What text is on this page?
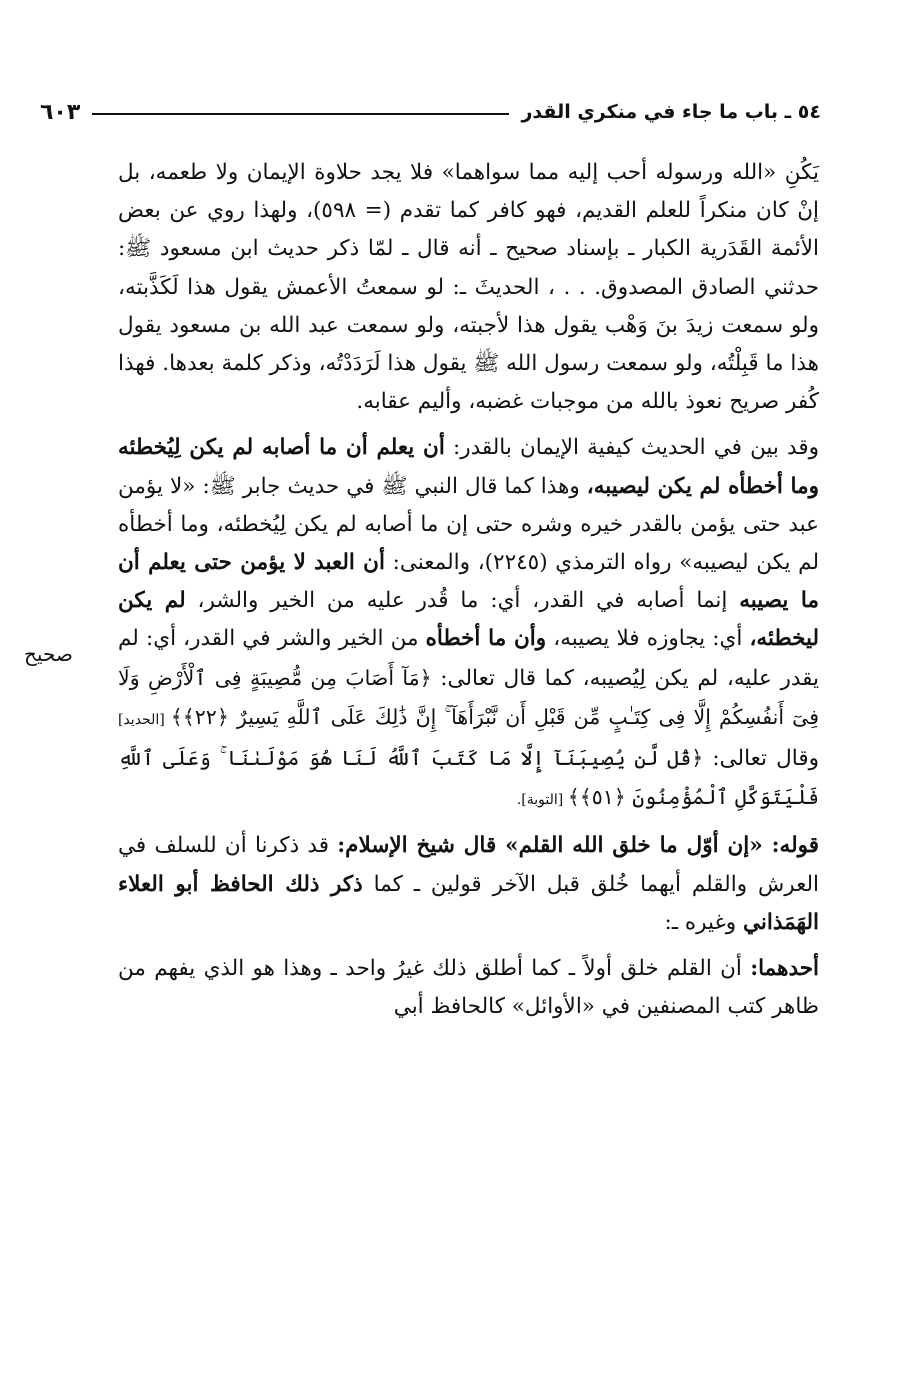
٥٤ ـ باب ما جاء في منكري القدر
٦٠٣
صحيح

يَكُنِ «الله ورسوله أحب إليه مما سواهما» فلا يجد حلاوة الإيمان ولا طعمه، بل إنْ كان منكراً للعلم القديم، فهو كافر كما تقدم (= ٥٩٨)، ولهذا روي عن بعض الأئمة القَدَرية الكبار ـ بإسناد صحيح ـ أنه قال ـ لمّا ذكر حديث ابن مسعود ﷺ: حدثني الصادق المصدوق. . . ، الحديثَ ـ: لو سمعتُ الأعمش يقول هذا لَكَذَّبته، ولو سمعت زيدَ بنَ وَهْب يقول هذا لأجبته، ولو سمعت عبد الله بن مسعود يقول هذا ما قَبِلْتُه، ولو سمعت رسول الله ﷺ يقول هذا لَرَدَدْتُه، وذكر كلمة بعدها. فهذا كُفر صريح نعوذ بالله من موجبات غضبه، وأليم عقابه.

وقد بين في الحديث كيفية الإيمان بالقدر: أن يعلم أن ما أصابه لم يكن لِيُخطئه وما أخطأه لم يكن ليصيبه، وهذا كما قال النبي ﷺ في حديث جابر ﷺ: «لا يؤمن عبد حتى يؤمن بالقدر خيره وشره حتى إن ما أصابه لم يكن لِيُخطئه، وما أخطأه لم يكن ليصيبه» رواه الترمذي (٢٢٤٥)، والمعنى: أن العبد لا يؤمن حتى يعلم أن ما يصيبه إنما أصابه في القدر، أي: ما قُدر عليه من الخير والشر، لم يكن ليخطئه، أي: يجاوزه فلا يصيبه، وأن ما أخطأه من الخير والشر في القدر، أي: لم يقدر عليه، لم يكن لِيُصيبه، كما قال تعالى: ﴿مَآ أَصَابَ مِن مُّصِيبَةٍ فِى ٱلْأَرْضِ وَلَا فِىٓ أَنفُسِكُمْ إِلَّا فِى كِتَـٰبٍ مِّن قَبْلِ أَن نَّبْرَأَهَآ ۚ إِنَّ ذَٰلِكَ عَلَى ٱللَّهِ يَسِيرٌ ﴿٢٢﴾﴾ [الحديد] وقال تعالى: ﴿قُل لَّن يُصِيبَنَآ إِلَّا مَا كَتَبَ ٱللَّهُ لَنَا هُوَ مَوْلَىٰنَا ۚ وَعَلَى ٱللَّهِ فَلْيَتَوَكَّلِ ٱلْمُؤْمِنُونَ ﴿٥١﴾﴾ [التوبة].

قوله: «إن أوّل ما خلق الله القلم» قال شيخ الإسلام: قد ذكرنا أن للسلف في العرش والقلم أيهما خُلق قبل الآخر قولين ـ كما ذكر ذلك الحافظ أبو العلاء الهَمَذاني وغيره ـ:

أحدهما: أن القلم خلق أولاً ـ كما أطلق ذلك غيرُ واحد ـ وهذا هو الذي يفهم من ظاهر كتب المصنفين في «الأوائل» كالحافظ أبي
